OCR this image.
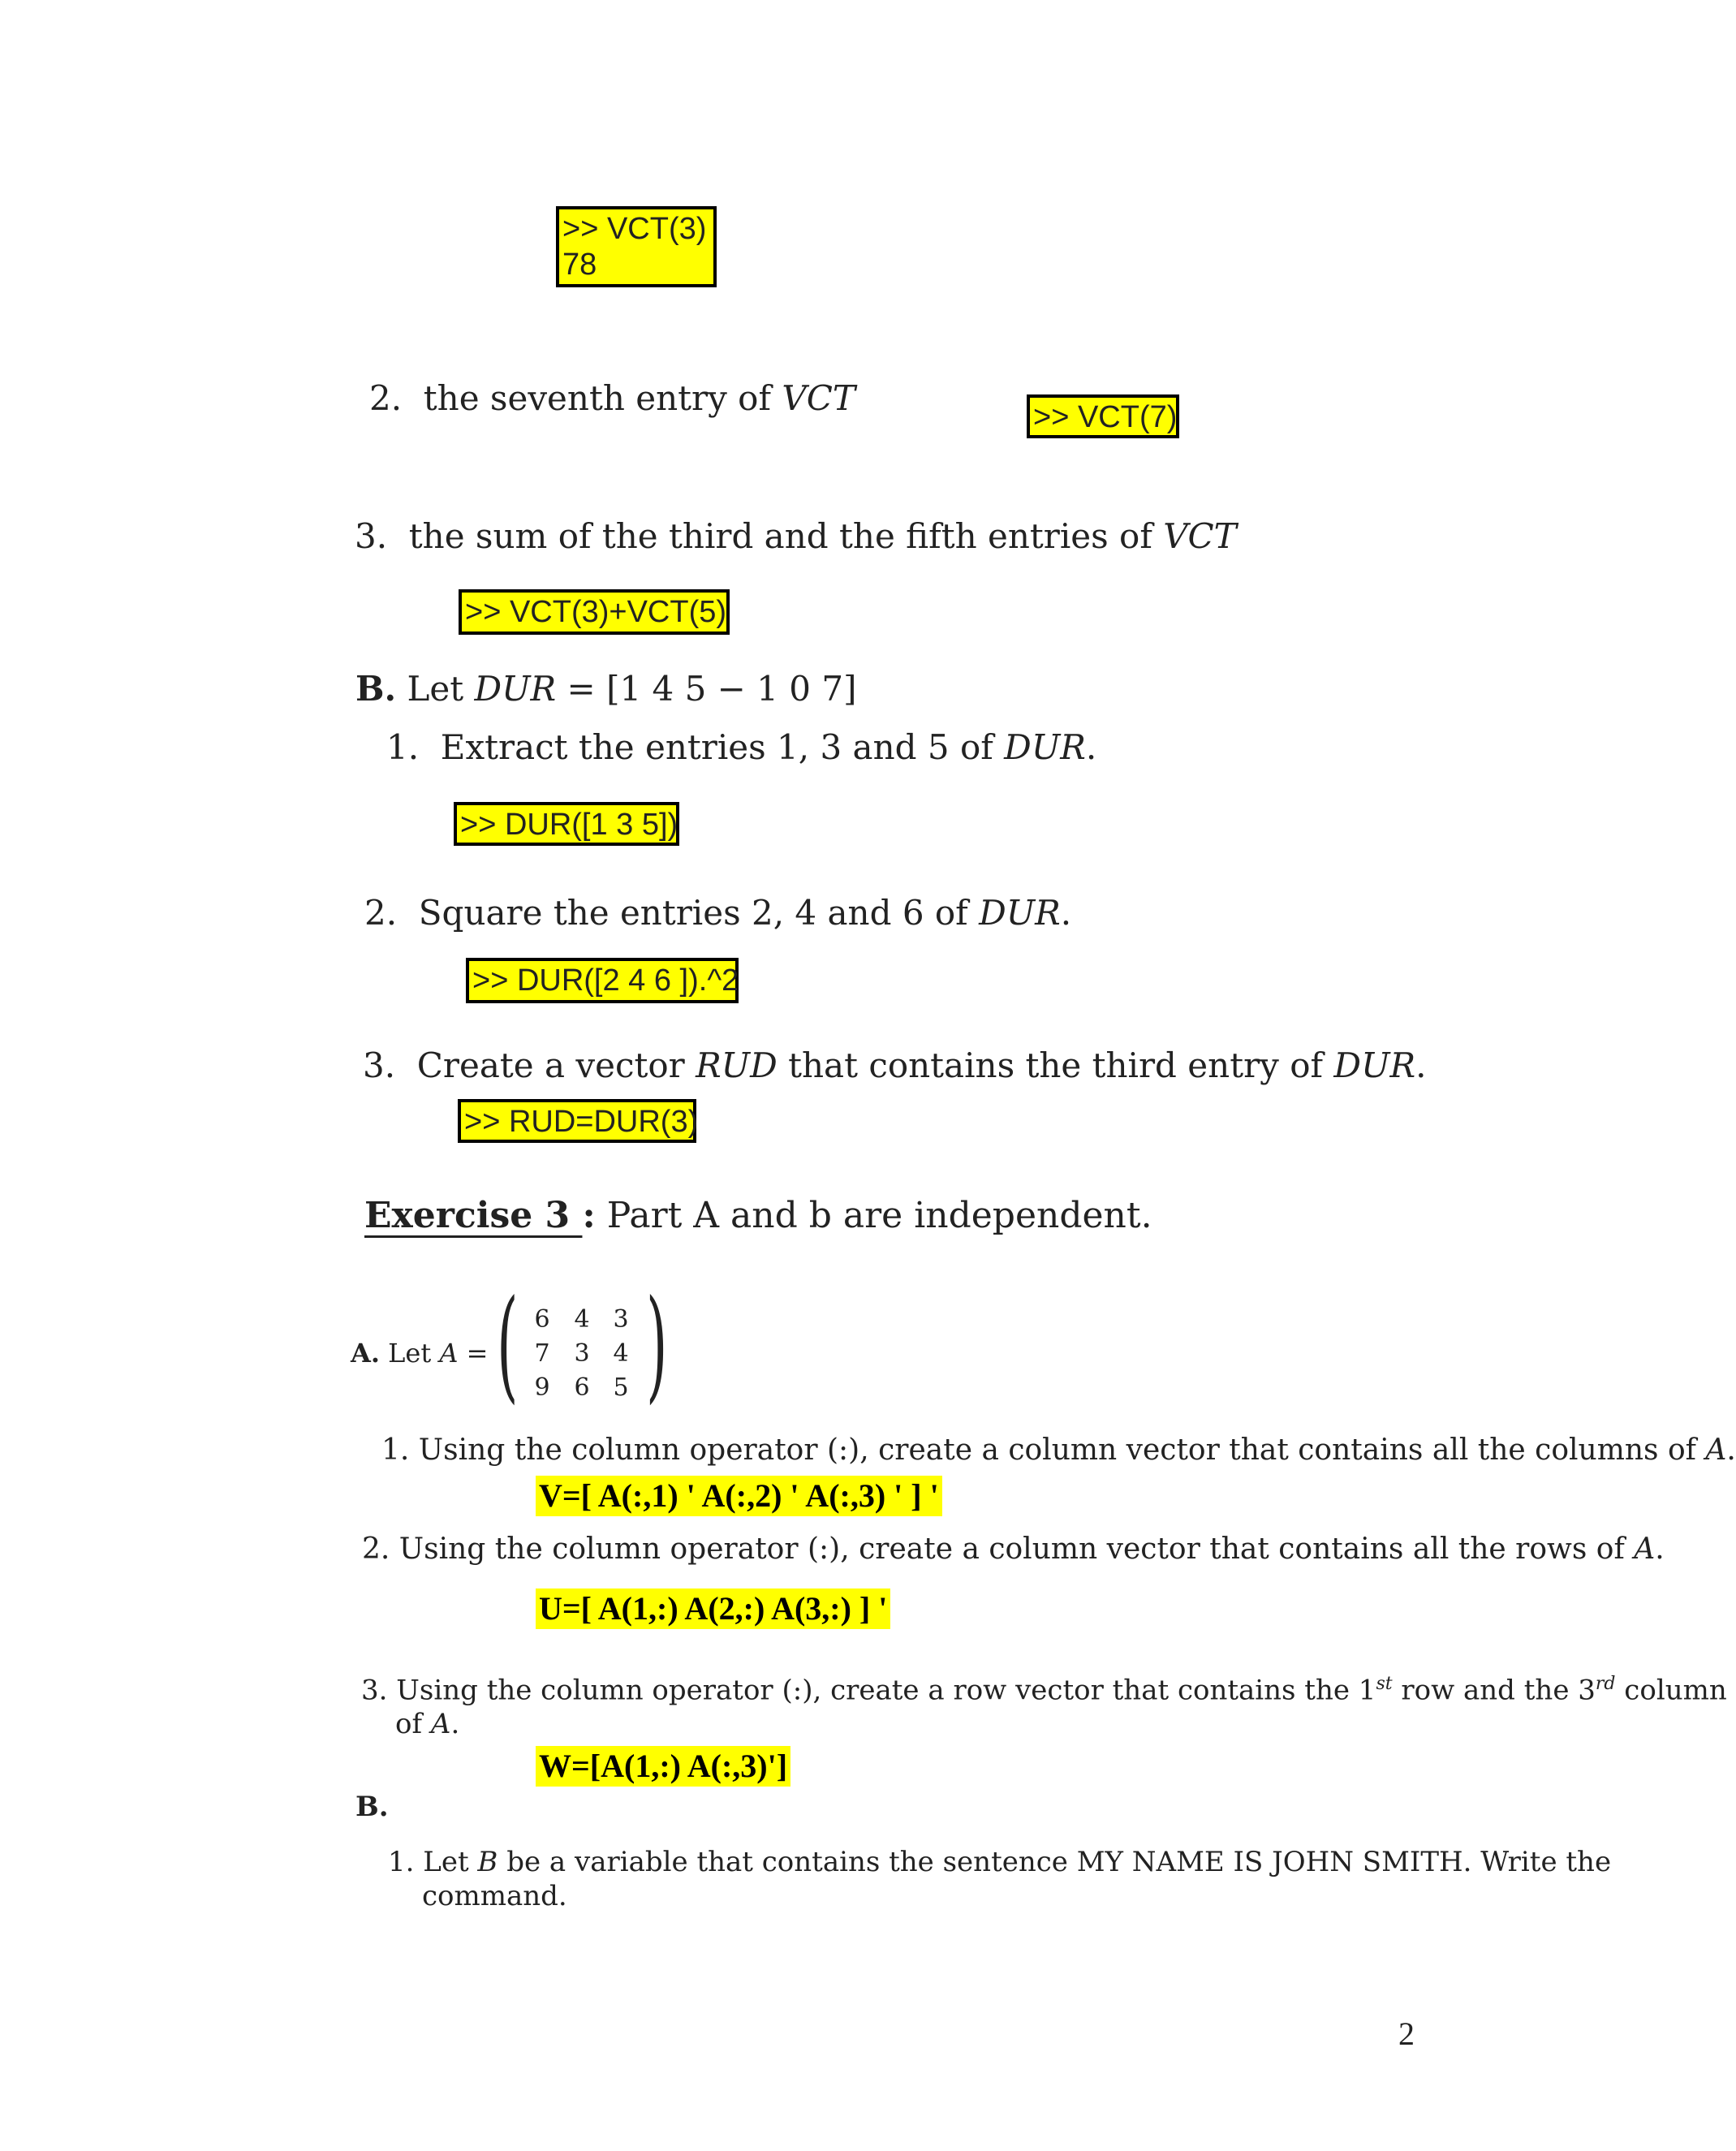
>> VCT(3)
78
2. the seventh entry of VCT	>> VCT(7)
3. the sum of the third and the fifth entries of VCT
>> VCT(3)+VCT(5)
B. Let DUR = [1 4 5 − 1 0 7]
1. Extract the entries 1, 3 and 5 of DUR.
>> DUR([1 3 5])
2. Square the entries 2, 4 and 6 of DUR.
>> DUR([2 4 6 ]).^2
3. Create a vector RUD that contains the third entry of DUR.
>> RUD=DUR(3)
Exercise 3 : Part A and b are independent.
A. Let A = ( )
6 4 3
7 3 4
9 6 5
1. Using the column operator (:), create a column vector that contains all the columns of A.
V=[ A(:,1) ' A(:,2) ' A(:,3) ' ] '
2. Using the column operator (:), create a column vector that contains all the rows of A.
U=[ A(1,:) A(2,:) A(3,:) ] '
3. Using the column operator (:), create a row vector that contains the 1st row and the 3rd column
of A.
W=[A(1,:) A(:,3)']
B.
1. Let B be a variable that contains the sentence MY NAME IS JOHN SMITH. Write the
command.
2
